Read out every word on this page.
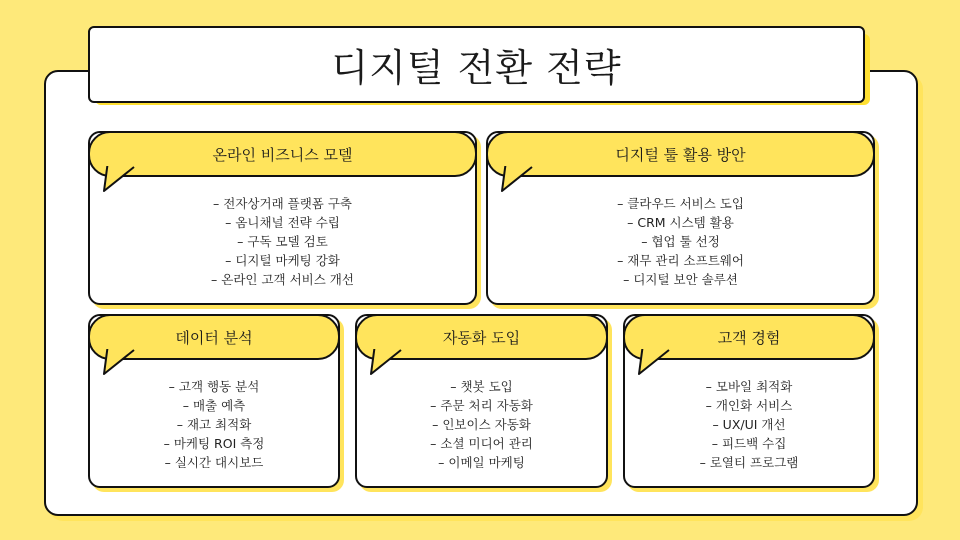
디지털 전환 전략
온라인 비즈니스 모델
– 전자상거래 플랫폼 구축
– 옴니채널 전략 수립
– 구독 모델 검토
– 디지털 마케팅 강화
– 온라인 고객 서비스 개선
디지털 툴 활용 방안
– 클라우드 서비스 도입
– CRM 시스템 활용
– 협업 툴 선정
– 재무 관리 소프트웨어
– 디지털 보안 솔루션
데이터 분석
– 고객 행동 분석
– 매출 예측
– 재고 최적화
– 마케팅 ROI 측정
– 실시간 대시보드
자동화 도입
– 챗봇 도입
– 주문 처리 자동화
– 인보이스 자동화
– 소셜 미디어 관리
– 이메일 마케팅
고객 경험
– 모바일 최적화
– 개인화 서비스
– UX/UI 개선
– 피드백 수집
– 로열티 프로그램
